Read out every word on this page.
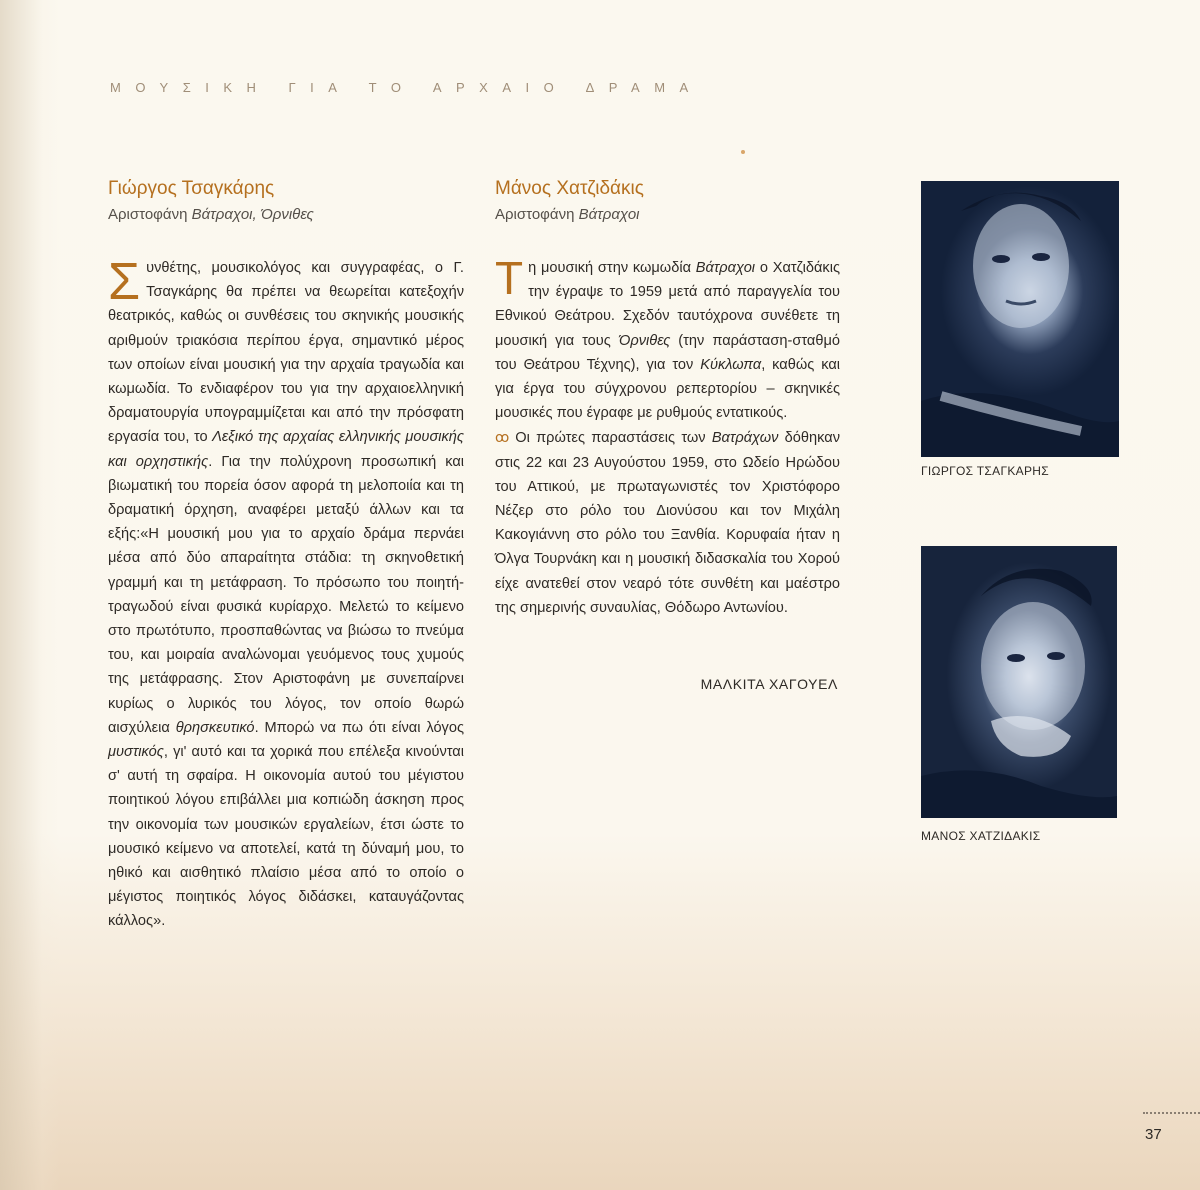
ΜΟΥΣΙΚΗ ΓΙΑ ΤΟ ΑΡΧΑΙΟ ΔΡΑΜΑ
Γιώργος Τσαγκάρης

Αριστοφάνη Βάτραχοι, Όρνιθες

Συνθέτης, μουσικολόγος και συγγραφέας, ο Γ. Τσαγκάρης θα πρέπει να θεωρείται κατεξοχήν θεατρικός, καθώς οι συνθέσεις του σκηνικής μουσικής αριθμούν τριακόσια περίπου έργα, σημαντικό μέρος των οποίων είναι μουσική για την αρχαία τραγωδία και κωμωδία. Το ενδιαφέρον του για την αρχαιοελληνική δραματουργία υπογραμμίζεται και από την πρόσφατη εργασία του, το Λεξικό της αρχαίας ελληνικής μουσικής και ορχηστικής. Για την πολύχρονη προσωπική και βιωματική του πορεία όσον αφορά τη μελοποιία και τη δραματική όρχηση, αναφέρει μεταξύ άλλων και τα εξής:«Η μουσική μου για το αρχαίο δράμα περνάει μέσα από δύο απαραίτητα στάδια: τη σκηνοθετική γραμμή και τη μετάφραση. Το πρόσωπο του ποιητή-τραγωδού είναι φυσικά κυρίαρχο. Μελετώ το κείμενο στο πρωτότυπο, προσπαθώντας να βιώσω το πνεύμα του, και μοιραία αναλώνομαι γευόμενος τους χυμούς της μετάφρασης. Στον Αριστοφάνη με συνεπαίρνει κυρίως ο λυρικός του λόγος, τον οποίο θωρώ αισχύλεια θρησκευτικό. Μπορώ να πω ότι είναι λόγος μυστικός, γι' αυτό και τα χορικά που επέλεξα κινούνται σ' αυτή τη σφαίρα. Η οικονομία αυτού του μέγιστου ποιητικού λόγου επιβάλλει μια κοπιώδη άσκηση προς την οικονομία των μουσικών εργαλείων, έτσι ώστε το μουσικό κείμενο να αποτελεί, κατά τη δύναμή μου, το ηθικό και αισθητικό πλαίσιο μέσα από το οποίο ο μέγιστος ποιητικός λόγος διδάσκει, καταυγάζοντας κάλλος».

Μάνος Χατζιδάκις

Αριστοφάνη Βάτραχοι

Τη μουσική στην κωμωδία Βάτραχοι ο Χατζιδάκις την έγραψε το 1959 μετά από παραγγελία του Εθνικού Θεάτρου. Σχεδόν ταυτόχρονα συνέθετε τη μουσική για τους Όρνιθες (την παράσταση-σταθμό του Θεάτρου Τέχνης), για τον Κύκλωπα, καθώς και για έργα του σύγχρονου ρεπερτορίου – σκηνικές μουσικές που έγραφε με ρυθμούς εντατικούς.
ꝏ Οι πρώτες παραστάσεις των Βατράχων δόθηκαν στις 22 και 23 Αυγούστου 1959, στο Ωδείο Ηρώδου του Αττικού, με πρωταγωνιστές τον Χριστόφορο Νέζερ στο ρόλο του Διονύσου και τον Μιχάλη Κακογιάννη στο ρόλο του Ξανθία. Κορυφαία ήταν η Όλγα Τουρνάκη και η μουσική διδασκαλία του Χορού είχε ανατεθεί στον νεαρό τότε συνθέτη και μαέστρο της σημερινής συναυλίας, Θόδωρο Αντωνίου.

ΜΑΛΚΙΤΑ ΧΑΓΟΥΕΛ
ΓΙΩΡΓΟΣ ΤΣΑΓΚΑΡΗΣ
ΜΑΝΟΣ ΧΑΤΖΙΔΑΚΙΣ
37
